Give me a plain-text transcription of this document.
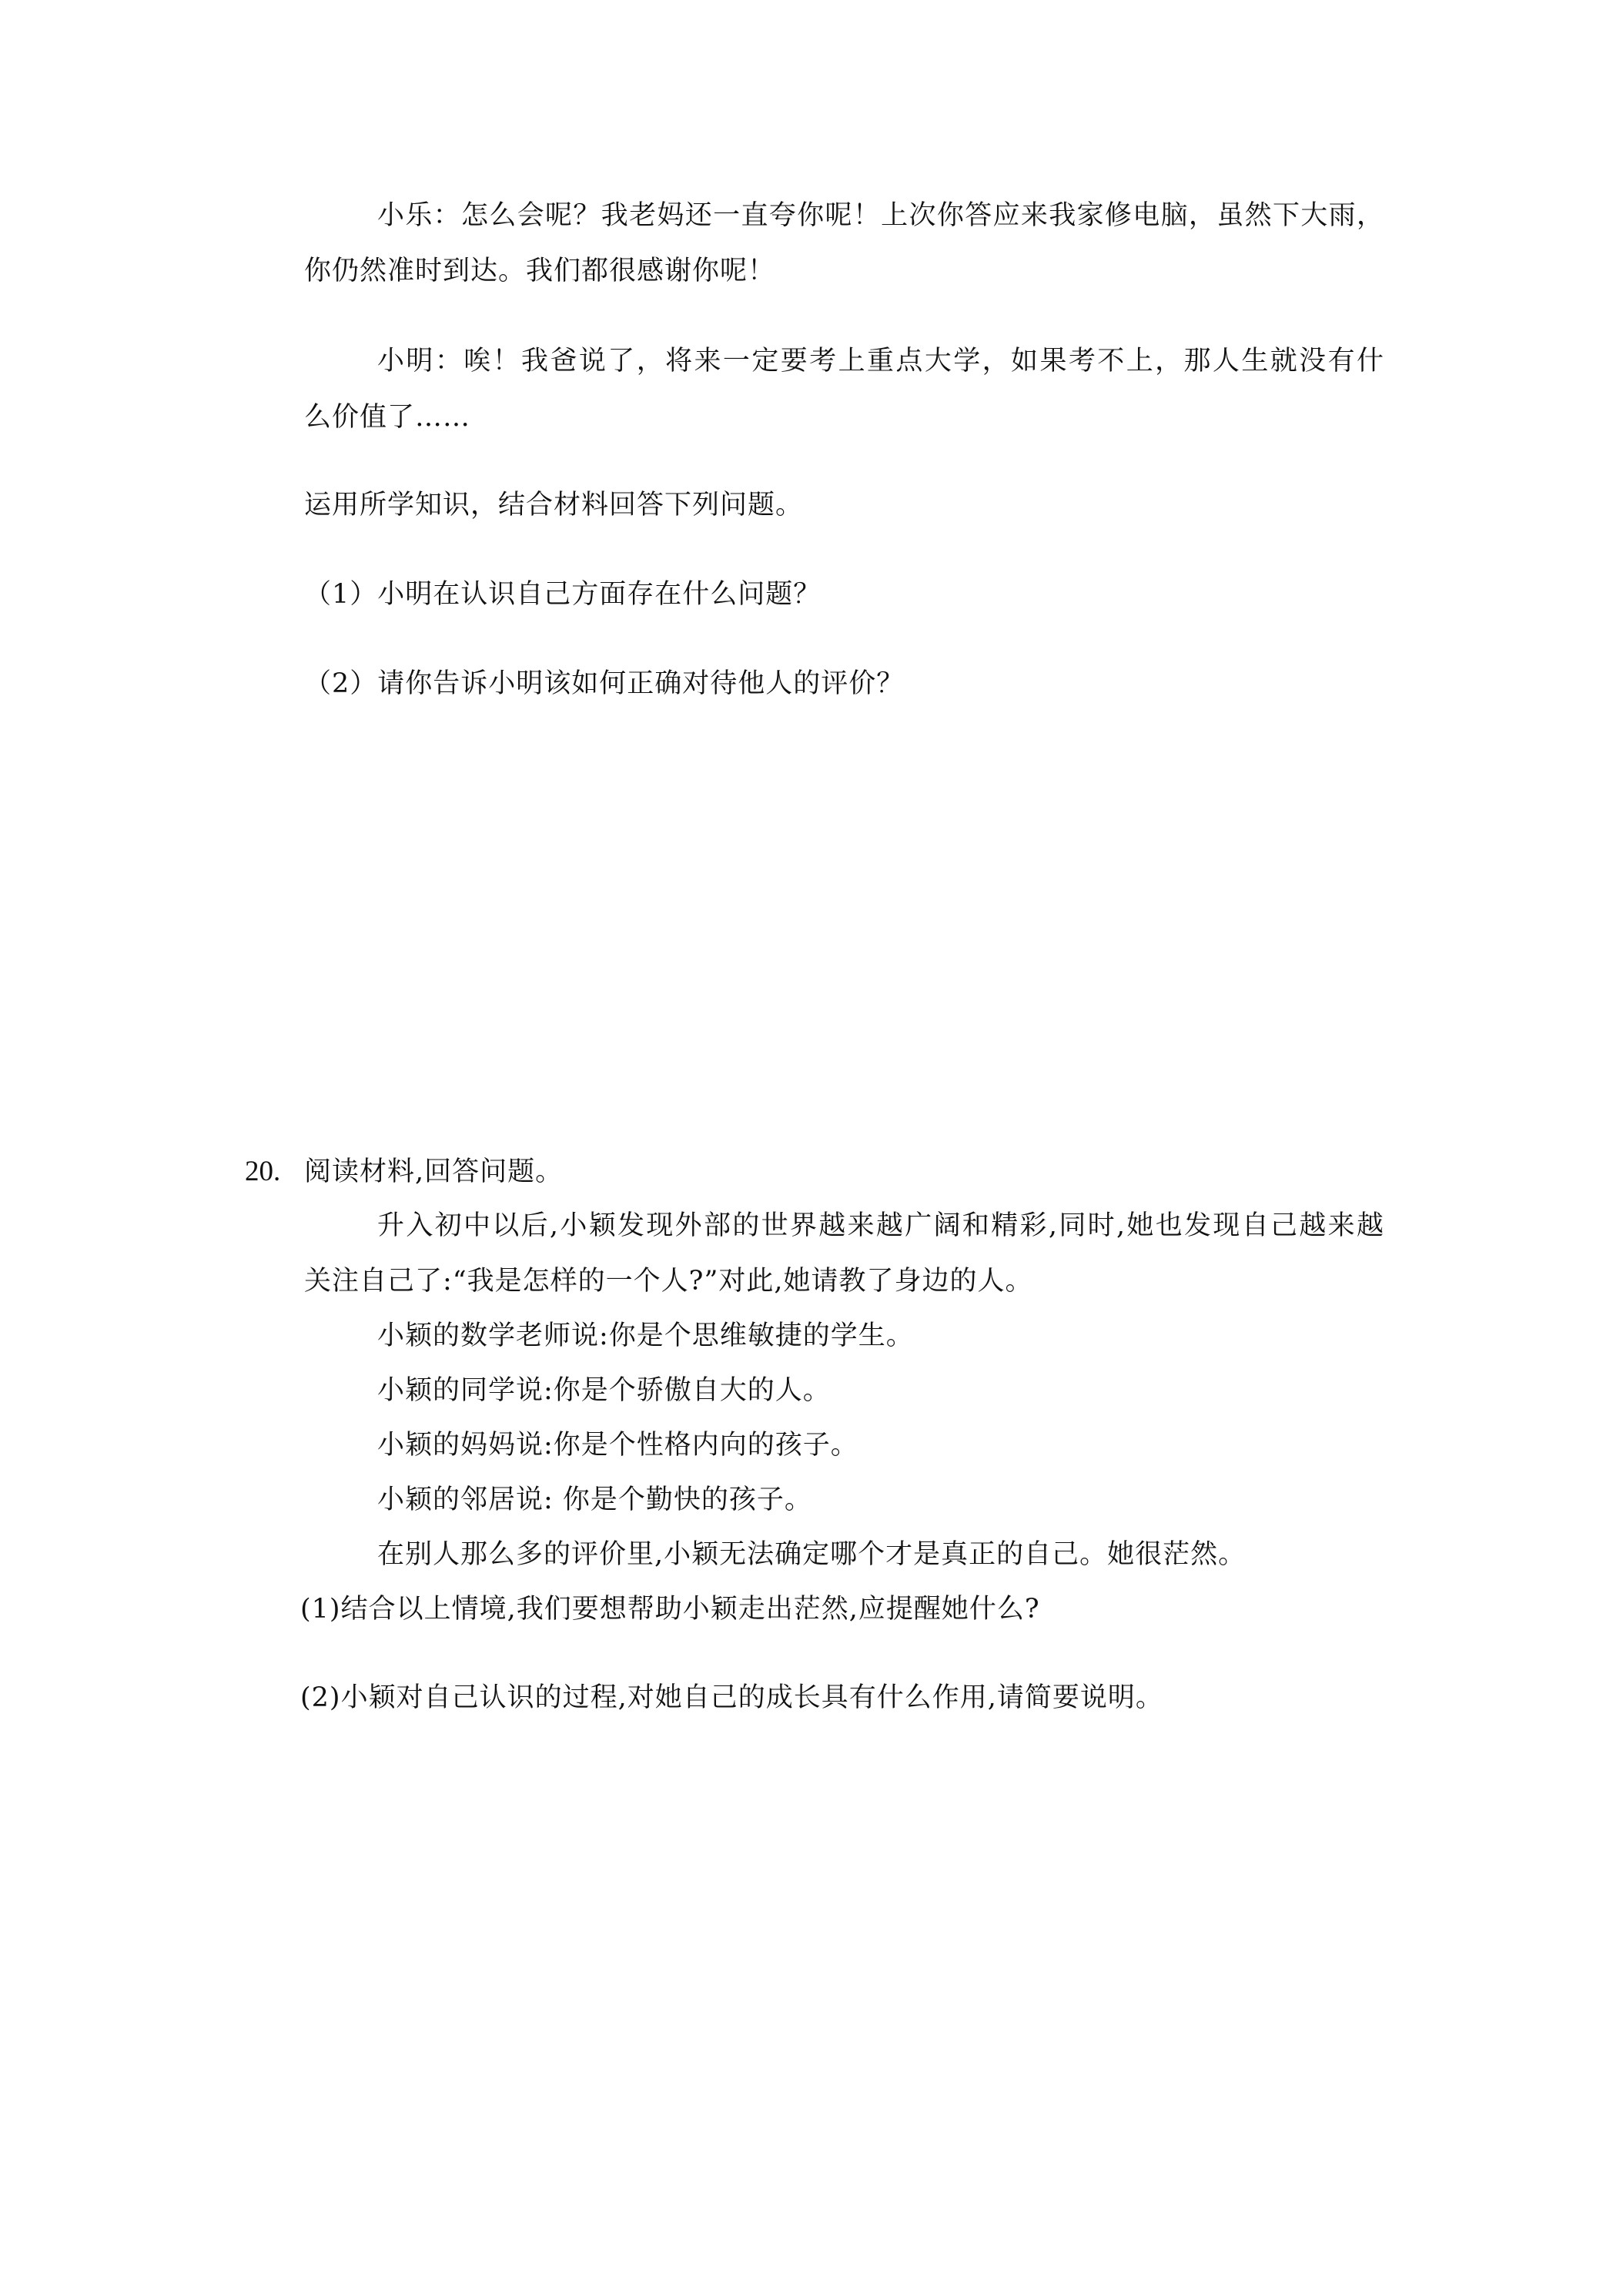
小乐：怎么会呢？我老妈还一直夸你呢！上次你答应来我家修电脑，虽然下大雨，
你仍然准时到达。我们都很感谢你呢！
小明：唉！我爸说了，将来一定要考上重点大学，如果考不上，那人生就没有什
么价值了……
运用所学知识，结合材料回答下列问题。
（1）小明在认识自己方面存在什么问题？
（2）请你告诉小明该如何正确对待他人的评价？
20. 阅读材料,回答问题。
升入初中以后,小颖发现外部的世界越来越广阔和精彩,同时,她也发现自己越来越
关注自己了:“我是怎样的一个人?”对此,她请教了身边的人。
小颖的数学老师说:你是个思维敏捷的学生。
小颖的同学说:你是个骄傲自大的人。
小颖的妈妈说:你是个性格内向的孩子。
小颖的邻居说: 你是个勤快的孩子。
在别人那么多的评价里,小颖无法确定哪个才是真正的自己。她很茫然。
(1)结合以上情境,我们要想帮助小颖走出茫然,应提醒她什么?
(2)小颖对自己认识的过程,对她自己的成长具有什么作用,请简要说明。
